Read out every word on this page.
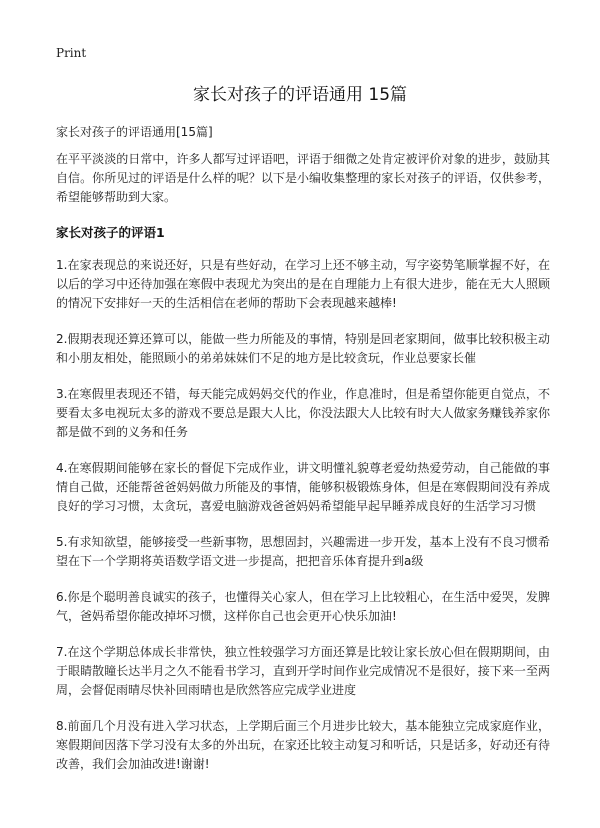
Print
家长对孩子的评语通用 15篇

家长对孩子的评语通用[15篇]

在平平淡淡的日常中，许多人都写过评语吧，评语于细微之处肯定被评价对象的进步，鼓励其自信。你所见过的评语是什么样的呢？以下是小编收集整理的家长对孩子的评语，仅供参考，希望能够帮助到大家。

家长对孩子的评语1

1.在家表现总的来说还好，只是有些好动，在学习上还不够主动，写字姿势笔顺掌握不好，在以后的学习中还待加强在寒假中表现尤为突出的是在自理能力上有很大进步，能在无大人照顾的情况下安排好一天的生活相信在老师的帮助下会表现越来越棒!

2.假期表现还算还算可以，能做一些力所能及的事情，特别是回老家期间，做事比较积极主动和小朋友相处，能照顾小的弟弟妹妹们不足的地方是比较贪玩，作业总要家长催

3.在寒假里表现还不错，每天能完成妈妈交代的作业，作息准时，但是希望你能更自觉点，不要看太多电视玩太多的游戏不要总是跟大人比，你没法跟大人比较有时大人做家务赚钱养家你都是做不到的义务和任务

4.在寒假期间能够在家长的督促下完成作业，讲文明懂礼貌尊老爱幼热爱劳动，自己能做的事情自己做，还能帮爸爸妈妈做力所能及的事情，能够积极锻炼身体，但是在寒假期间没有养成良好的学习习惯，太贪玩，喜爱电脑游戏爸爸妈妈希望能早起早睡养成良好的生活学习习惯

5.有求知欲望，能够接受一些新事物，思想固封，兴趣需进一步开发，基本上没有不良习惯希望在下一个学期将英语数学语文进一步提高，把把音乐体育提升到a级

6.你是个聪明善良诚实的孩子，也懂得关心家人，但在学习上比较粗心，在生活中爱哭，发脾气，爸妈希望你能改掉坏习惯，这样你自己也会更开心快乐加油!

7.在这个学期总体成长非常快，独立性较强学习方面还算是比较让家长放心但在假期期间，由于眼睛散瞳长达半月之久不能看书学习，直到开学时间作业完成情况不是很好，接下来一至两周，会督促雨晴尽快补回雨晴也是欣然答应完成学业进度

8.前面几个月没有进入学习状态，上学期后面三个月进步比较大，基本能独立完成家庭作业，寒假期间因落下学习没有太多的外出玩，在家还比较主动复习和听话，只是话多，好动还有待改善，我们会加油改进!谢谢!
